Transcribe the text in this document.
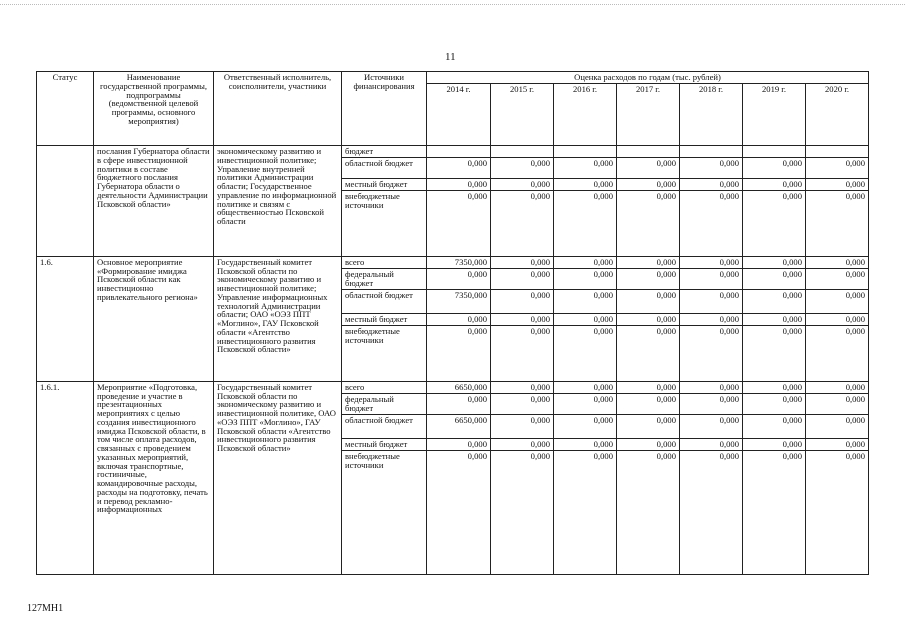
11
Статус	Наименование государственной программы, подпрограммы (ведомственной целевой программы, основного мероприятия)	Ответственный исполнитель, соисполнители, участники	Источники финансирования	Оценка расходов по годам (тыс. рублей)						
				2014 г.	2015 г.	2016 г.	2017 г.	2018 г.	2019 г.	2020 г.
	послания Губернатора области в сфере инвестиционной политики в составе бюджетного послания Губернатора области о деятельности Администрации Псковской области»	экономическому развитию и инвестиционной политике; Управление внутренней политики Администрации области; Государственное управление по информационной политике и связям с общественностью Псковской области	бюджет							
			областной бюджет	0,000	0,000	0,000	0,000	0,000	0,000	0,000
			местный бюджет	0,000	0,000	0,000	0,000	0,000	0,000	0,000
			внебюджетные источники	0,000	0,000	0,000	0,000	0,000	0,000	0,000
1.6.	Основное мероприятие «Формирование имиджа Псковской области как инвестиционно привлекательного региона»	Государственный комитет Псковской области по экономическому развитию и инвестиционной политике; Управление информационных технологий Администрации области; ОАО «ОЭЗ ППТ «Моглино», ГАУ Псковской области «Агентство инвестиционного развития Псковской области»	всего	7350,000	0,000	0,000	0,000	0,000	0,000	0,000
			федеральный бюджет	0,000	0,000	0,000	0,000	0,000	0,000	0,000
			областной бюджет	7350,000	0,000	0,000	0,000	0,000	0,000	0,000
			местный бюджет	0,000	0,000	0,000	0,000	0,000	0,000	0,000
			внебюджетные источники	0,000	0,000	0,000	0,000	0,000	0,000	0,000
1.6.1.	Мероприятие «Подготовка, проведение и участие в презентационных мероприятиях с целью создания инвестиционного имиджа Псковской области, в том числе оплата расходов, связанных с проведением указанных мероприятий, включая транспортные, гостиничные, командировочные расходы, расходы на подготовку, печать и перевод рекламно-информационных	Государственный комитет Псковской области по экономическому развитию и инвестиционной политике, ОАО «ОЭЗ ППТ «Моглино», ГАУ Псковской области «Агентство инвестиционного развития Псковской области»	всего	6650,000	0,000	0,000	0,000	0,000	0,000	0,000
			федеральный бюджет	0,000	0,000	0,000	0,000	0,000	0,000	0,000
			областной бюджет	6650,000	0,000	0,000	0,000	0,000	0,000	0,000
			местный бюджет	0,000	0,000	0,000	0,000	0,000	0,000	0,000
			внебюджетные источники	0,000	0,000	0,000	0,000	0,000	0,000	0,000
127МН1
